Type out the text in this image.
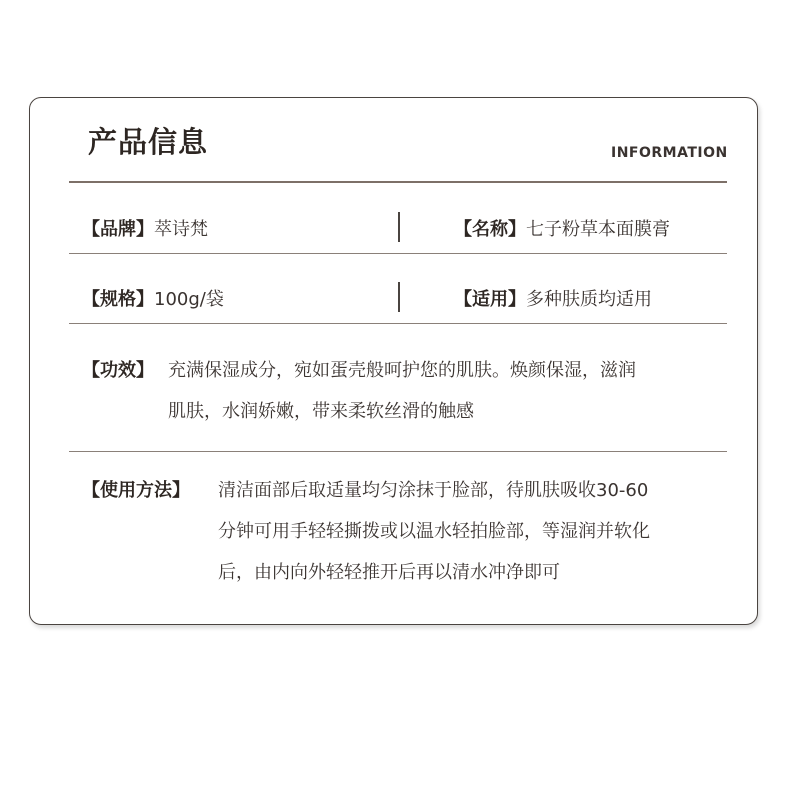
产品信息	INFORMATION
【品牌】萃诗梵	【名称】七子粉草本面膜膏
【规格】100g/袋	【适用】多种肤质均适用
【功效】 充满保湿成分，宛如蛋壳般呵护您的肌肤。焕颜保湿，滋润
肌肤，水润娇嫩，带来柔软丝滑的触感
【使用方法】 清洁面部后取适量均匀涂抹于脸部，待肌肤吸收30-60
分钟可用手轻轻撕拨或以温水轻拍脸部，等湿润并软化
后，由内向外轻轻推开后再以清水冲净即可
